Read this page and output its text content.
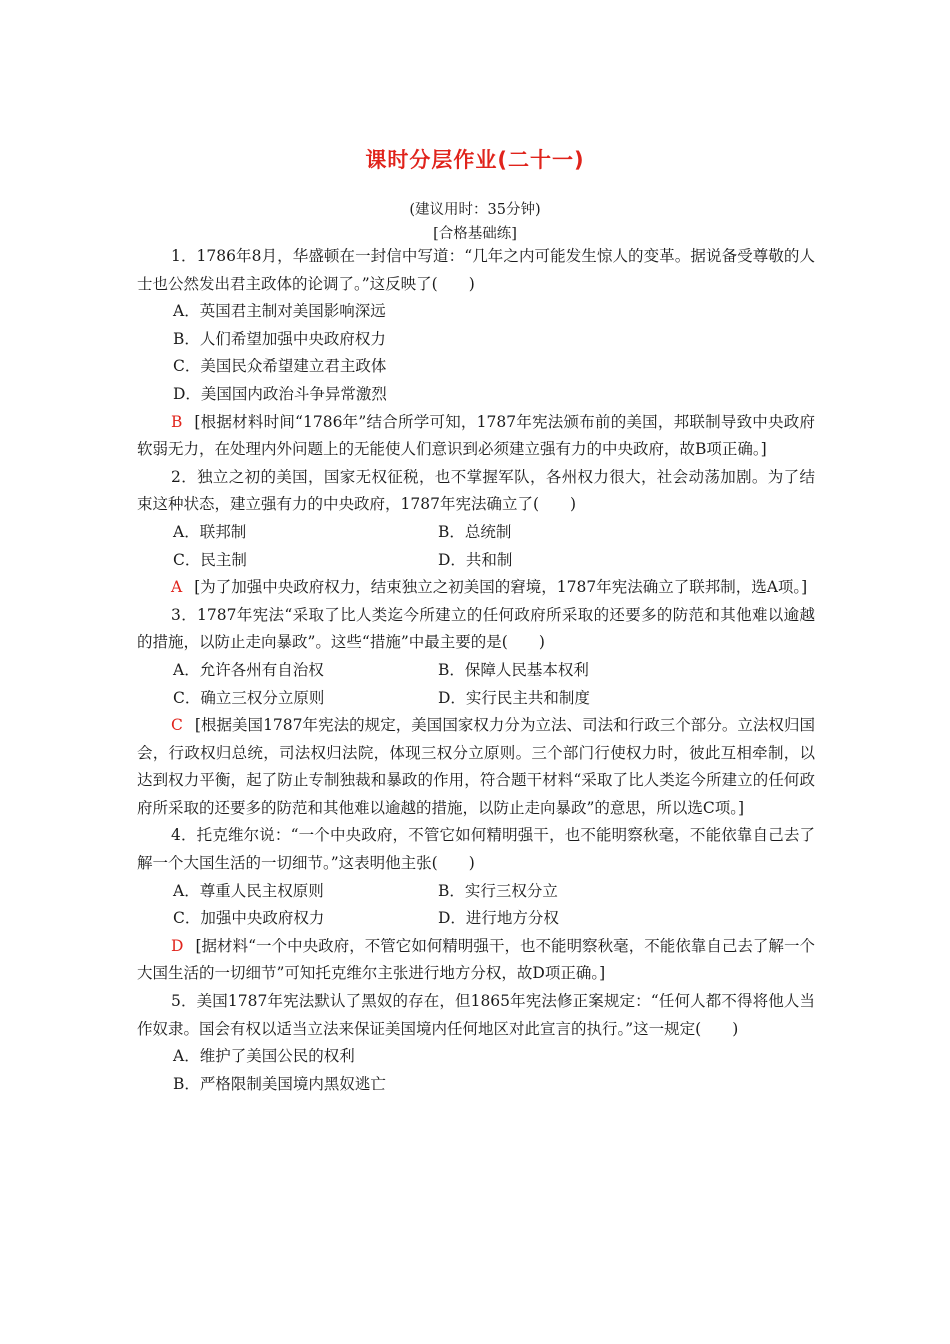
课时分层作业(二十一)
(建议用时：35分钟)
[合格基础练]

1．1786年8月，华盛顿在一封信中写道：“几年之内可能发生惊人的变革。据说备受尊敬的人士也公然发出君主政体的论调了。”这反映了(　　)

A．英国君主制对美国影响深远

B．人们希望加强中央政府权力

C．美国民众希望建立君主政体

D．美国国内政治斗争异常激烈

B [根据材料时间“1786年”结合所学可知，1787年宪法颁布前的美国，邦联制导致中央政府软弱无力，在处理内外问题上的无能使人们意识到必须建立强有力的中央政府，故B项正确。]

2．独立之初的美国，国家无权征税，也不掌握军队，各州权力很大，社会动荡加剧。为了结束这种状态，建立强有力的中央政府，1787年宪法确立了(　　)

A．联邦制	B．总统制
C．民主制	D．共和制

A [为了加强中央政府权力，结束独立之初美国的窘境，1787年宪法确立了联邦制，选A项。]

3．1787年宪法“采取了比人类迄今所建立的任何政府所采取的还要多的防范和其他难以逾越的措施，以防止走向暴政”。这些“措施”中最主要的是(　　)

A．允许各州有自治权	B．保障人民基本权利
C．确立三权分立原则	D．实行民主共和制度

C [根据美国1787年宪法的规定，美国国家权力分为立法、司法和行政三个部分。立法权归国会，行政权归总统，司法权归法院，体现三权分立原则。三个部门行使权力时，彼此互相牵制，以达到权力平衡，起了防止专制独裁和暴政的作用，符合题干材料“采取了比人类迄今所建立的任何政府所采取的还要多的防范和其他难以逾越的措施，以防止走向暴政”的意思，所以选C项。]

4．托克维尔说：“一个中央政府，不管它如何精明强干，也不能明察秋毫，不能依靠自己去了解一个大国生活的一切细节。”这表明他主张(　　)

A．尊重人民主权原则	B．实行三权分立
C．加强中央政府权力	D．进行地方分权

D [据材料“一个中央政府，不管它如何精明强干，也不能明察秋毫，不能依靠自己去了解一个大国生活的一切细节”可知托克维尔主张进行地方分权，故D项正确。]

5．美国1787年宪法默认了黑奴的存在，但1865年宪法修正案规定：“任何人都不得将他人当作奴隶。国会有权以适当立法来保证美国境内任何地区对此宣言的执行。”这一规定(　　)

A．维护了美国公民的权利

B．严格限制美国境内黑奴逃亡
